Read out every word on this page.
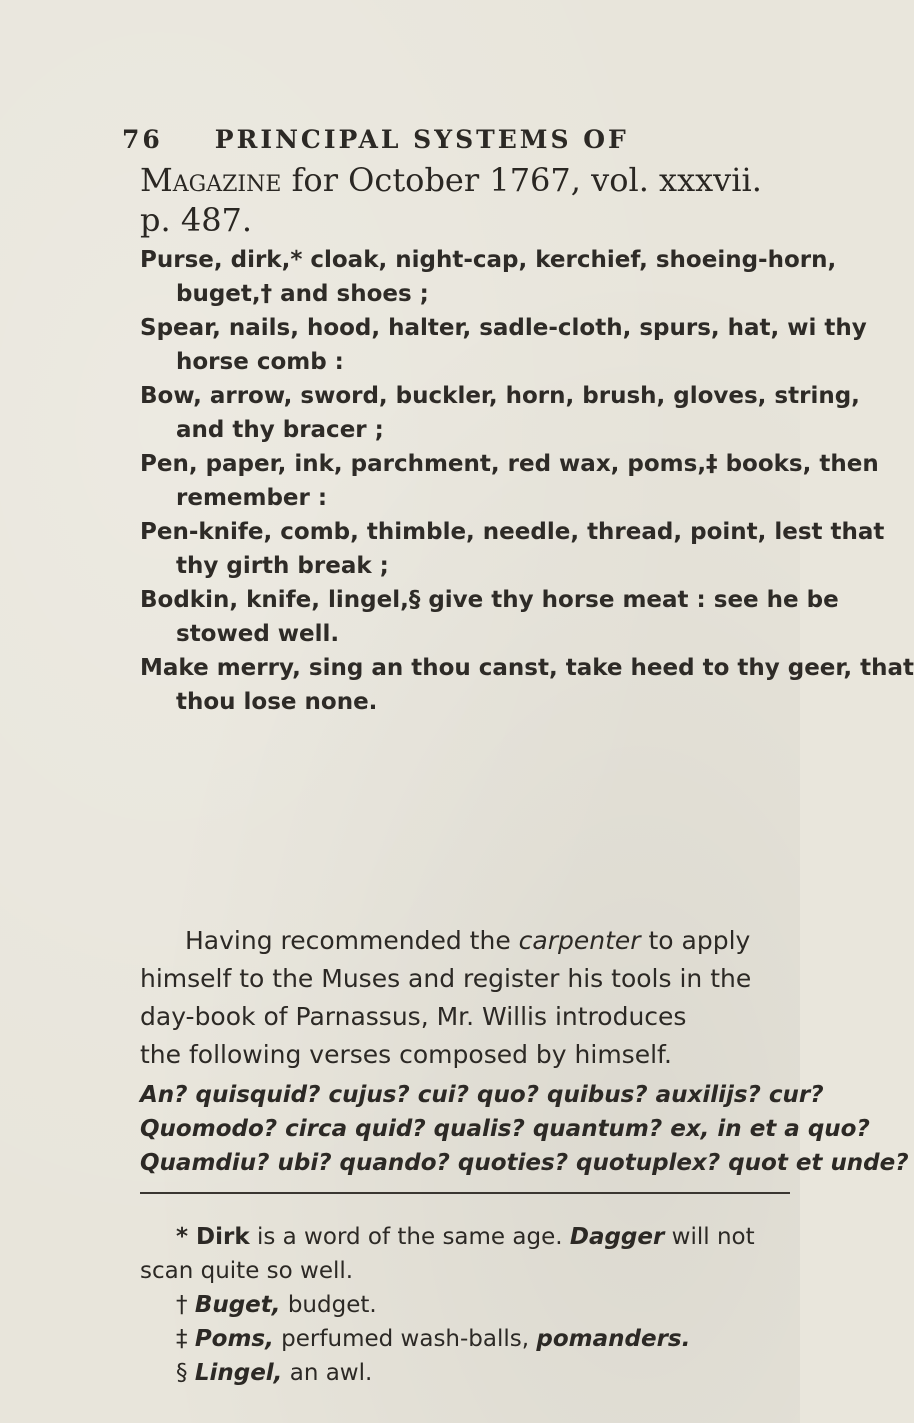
76 PRINCIPAL SYSTEMS OF
Magazine for October 1767, vol. xxxvii.
p. 487.
Purse, dirk,* cloak, night-cap, kerchief, shoeing-horn,
buget,† and shoes ;
Spear, nails, hood, halter, sadle-cloth, spurs, hat, wi thy
horse comb :
Bow, arrow, sword, buckler, horn, brush, gloves, string,
and thy bracer ;
Pen, paper, ink, parchment, red wax, poms,‡ books, then
remember :
Pen-knife, comb, thimble, needle, thread, point, lest that
thy girth break ;
Bodkin, knife, lingel,§ give thy horse meat : see he be
stowed well.
Make merry, sing an thou canst, take heed to thy geer, that
thou lose none.
Having recommended the carpenter to apply
himself to the Muses and register his tools in the
day-book of Parnassus, Mr. Willis introduces
the following verses composed by himself.
An? quisquid? cujus? cui? quo? quibus? auxilijs? cur?
Quomodo? circa quid? qualis? quantum? ex, in et a quo?
Quamdiu? ubi? quando? quoties? quotuplex? quot et unde?
* Dirk is a word of the same age. Dagger will not
scan quite so well.
† Buget, budget.
‡ Poms, perfumed wash-balls, pomanders.
§ Lingel, an awl.
